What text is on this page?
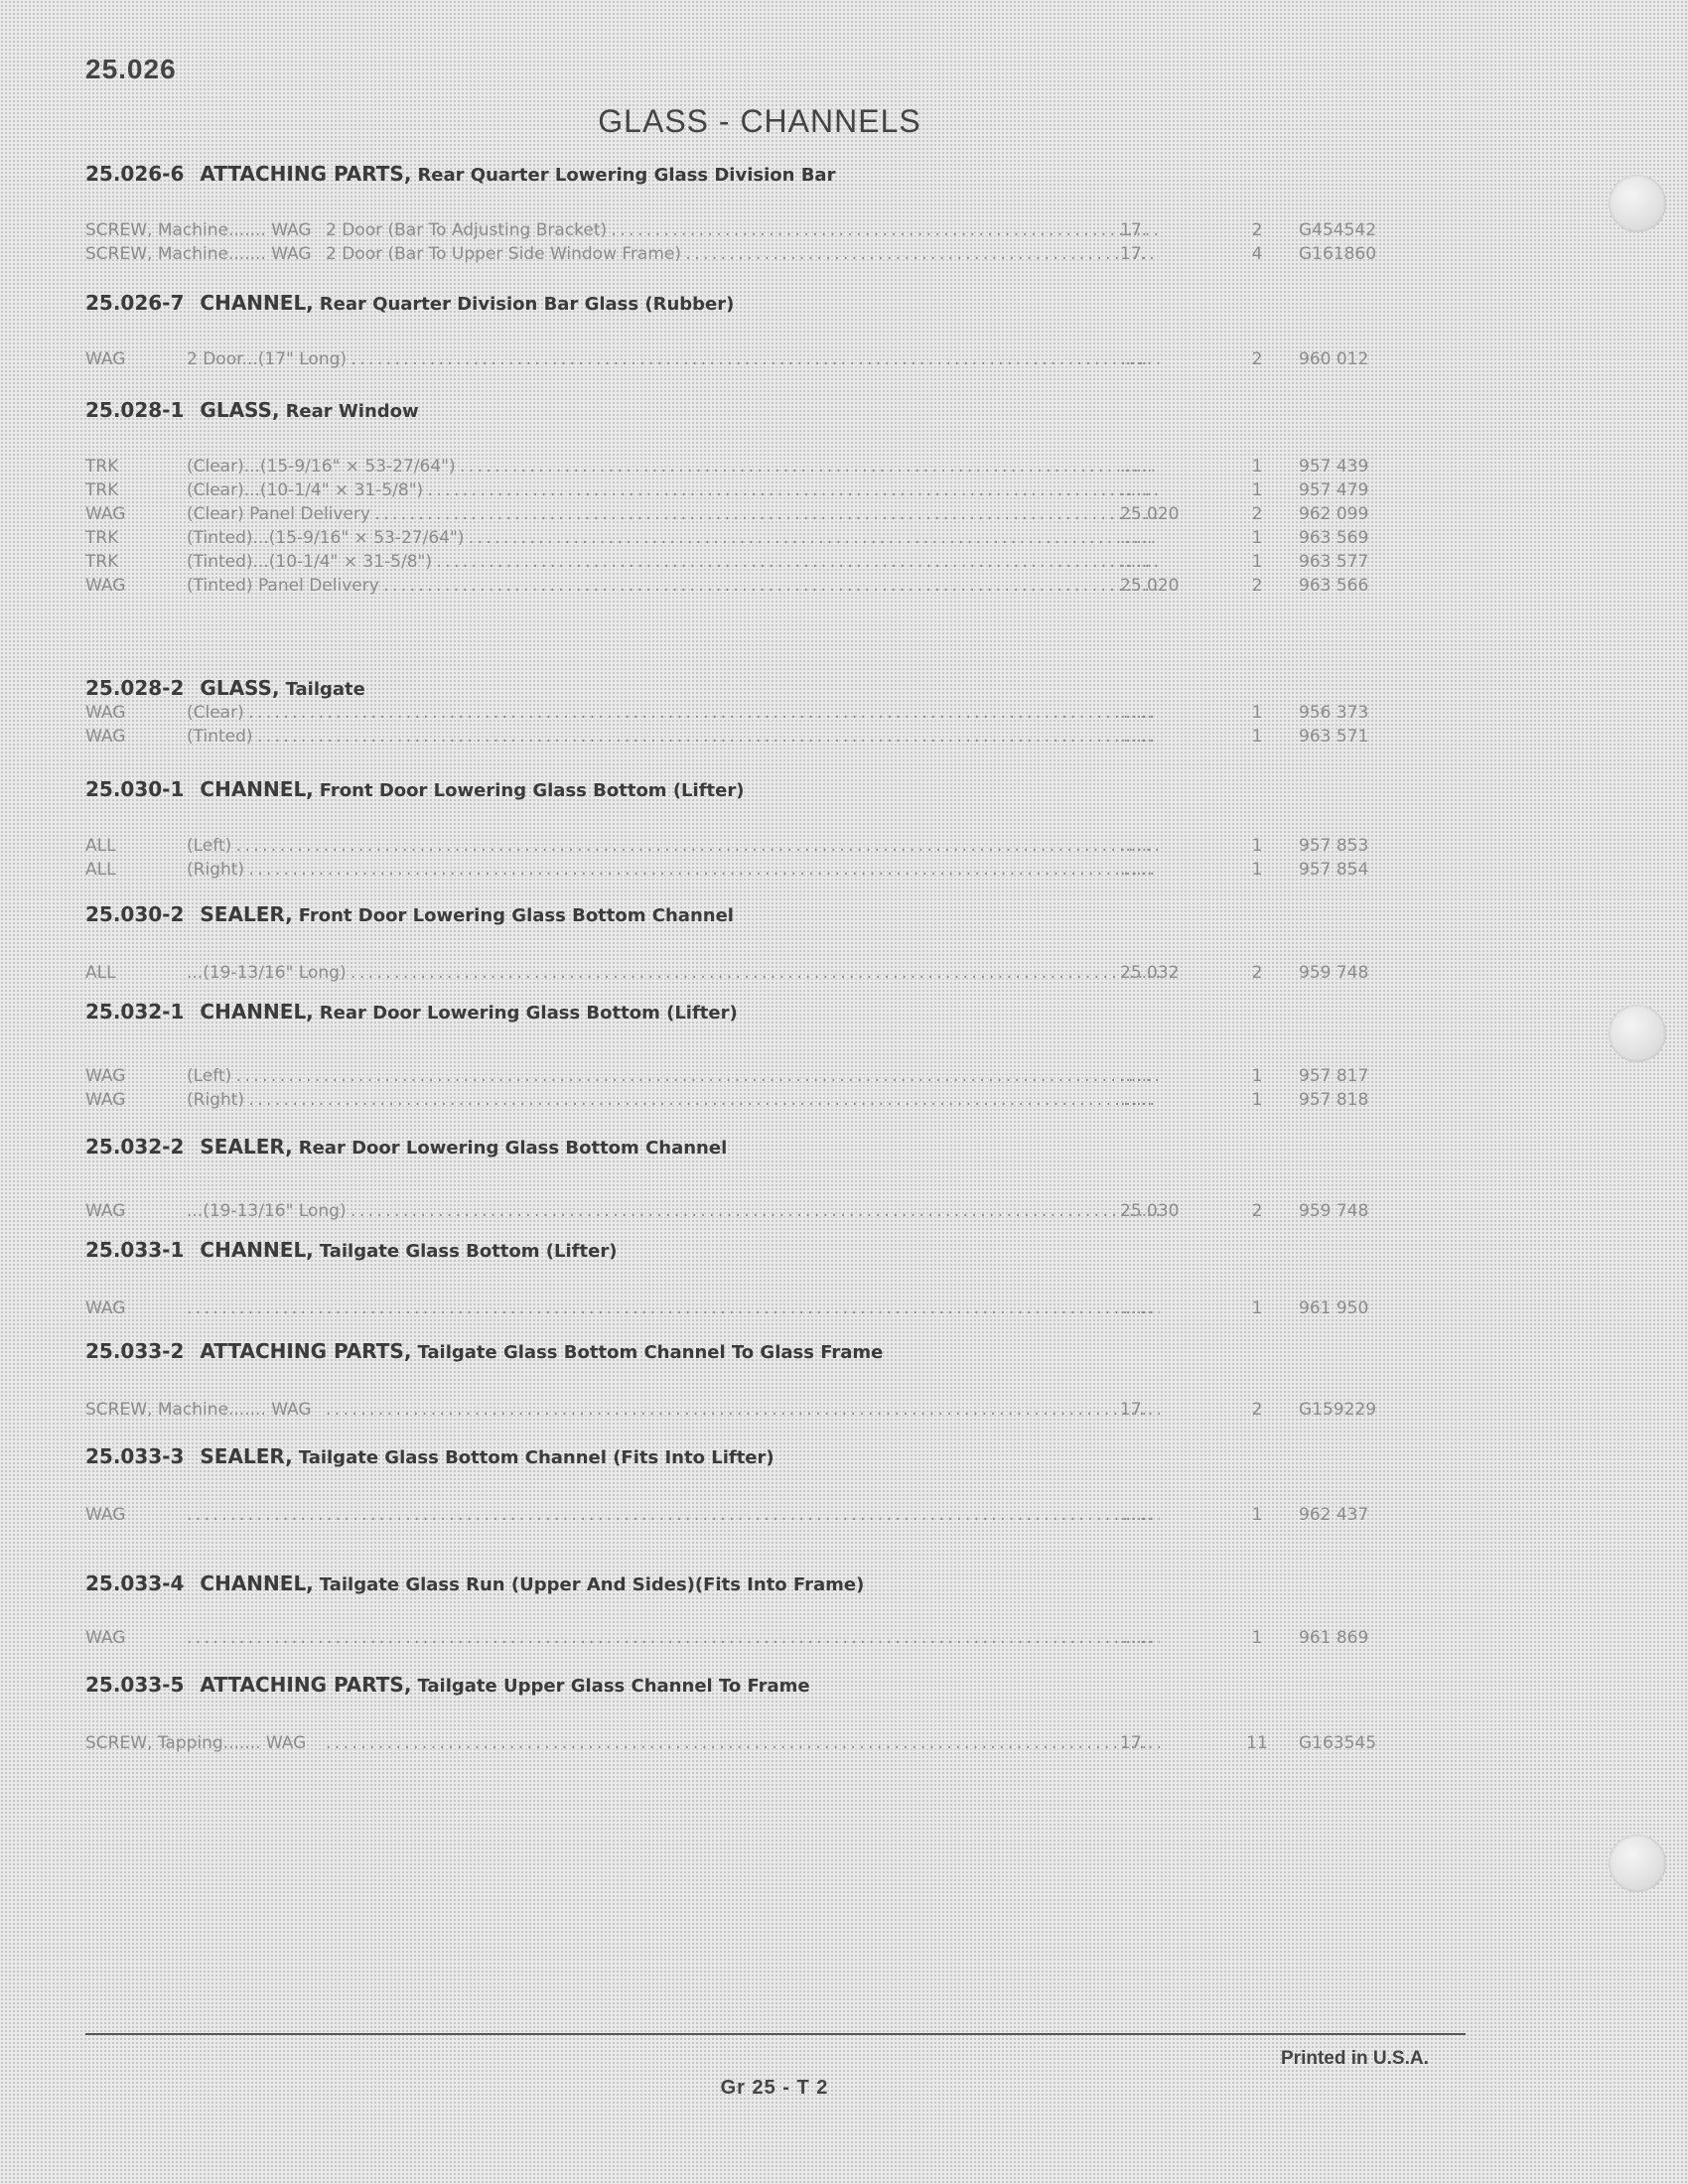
25.026
GLASS - CHANNELS
25.026-6 ATTACHING PARTS, Rear Quarter Lowering Glass Division Bar
SCREW, Machine....... WAG 2 Door (Bar To Adjusting Bracket) . . .	17.	2	G454542
SCREW, Machine....... WAG 2 Door (Bar To Upper Side Window Frame) . . .	17.	4	G161860
25.026-7 CHANNEL, Rear Quarter Division Bar Glass (Rubber)
WAG	2 Door...(17" Long) . . .	......	2	960 012
25.028-1 GLASS, Rear Window
TRK	(Clear)...(15-9/16" × 53-27/64") . . .	......	1	957 439
TRK	(Clear)...(10-1/4" × 31-5/8") . . .	......	1	957 479
WAG	(Clear) Panel Delivery . . .	25.020	2	962 099
TRK	(Tinted)...(15-9/16" × 53-27/64") . . .	......	1	963 569
TRK	(Tinted)...(10-1/4" × 31-5/8") . . .	......	1	963 577
WAG	(Tinted) Panel Delivery . . .	25.020	2	963 566
25.028-2 GLASS, Tailgate
WAG	(Clear) . . .	......	1	956 373
WAG	(Tinted) . . .	......	1	963 571
25.030-1 CHANNEL, Front Door Lowering Glass Bottom (Lifter)
ALL	(Left) . . .	......	1	957 853
ALL	(Right) . . .	......	1	957 854
25.030-2 SEALER, Front Door Lowering Glass Bottom Channel
ALL	...(19-13/16" Long) . . .	25.032	2	959 748
25.032-1 CHANNEL, Rear Door Lowering Glass Bottom (Lifter)
WAG	(Left) . . .	......	1	957 817
WAG	(Right) . . .	......	1	957 818
25.032-2 SEALER, Rear Door Lowering Glass Bottom Channel
WAG	...(19-13/16" Long) . . .	25.030	2	959 748
25.033-1 CHANNEL, Tailgate Glass Bottom (Lifter)
WAG . . .	......	1	961 950
25.033-2 ATTACHING PARTS, Tailgate Glass Bottom Channel To Glass Frame
SCREW, Machine....... WAG . . .	17.	2	G159229
25.033-3 SEALER, Tailgate Glass Bottom Channel (Fits Into Lifter)
WAG . . .	......	1	962 437
25.033-4 CHANNEL, Tailgate Glass Run (Upper And Sides)(Fits Into Frame)
WAG . . .	......	1	961 869
25.033-5 ATTACHING PARTS, Tailgate Upper Glass Channel To Frame
SCREW, Tapping....... WAG . . .	17.	11	G163545
Gr 25 - T 2
Printed in U.S.A.
